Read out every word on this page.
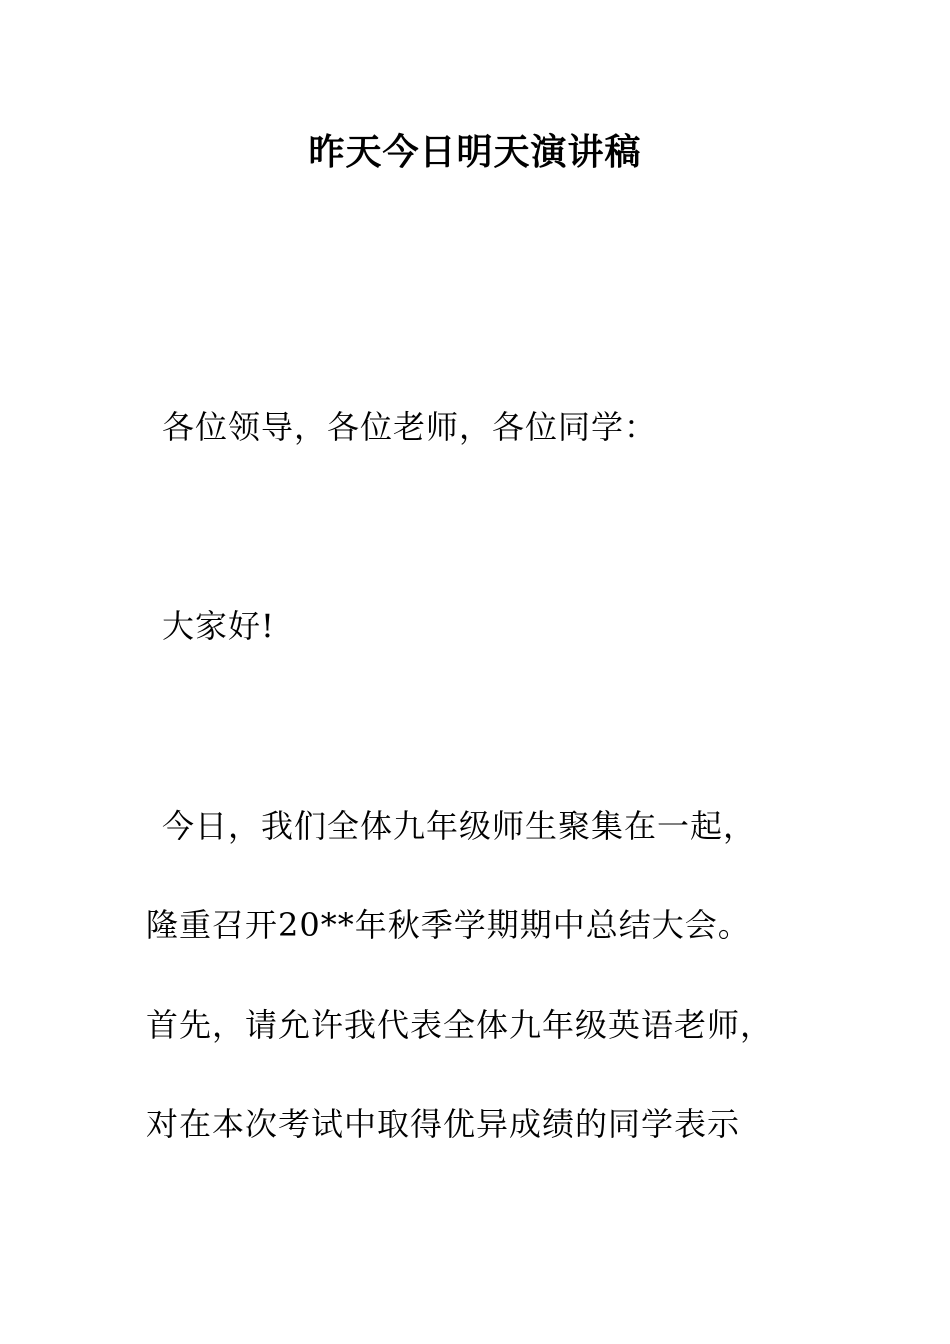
昨天今日明天演讲稿
各位领导，各位老师，各位同学：
大家好!
今日，我们全体九年级师生聚集在一起，
隆重召开20**年秋季学期期中总结大会。
首先，请允许我代表全体九年级英语老师，
对在本次考试中取得优异成绩的同学表示
